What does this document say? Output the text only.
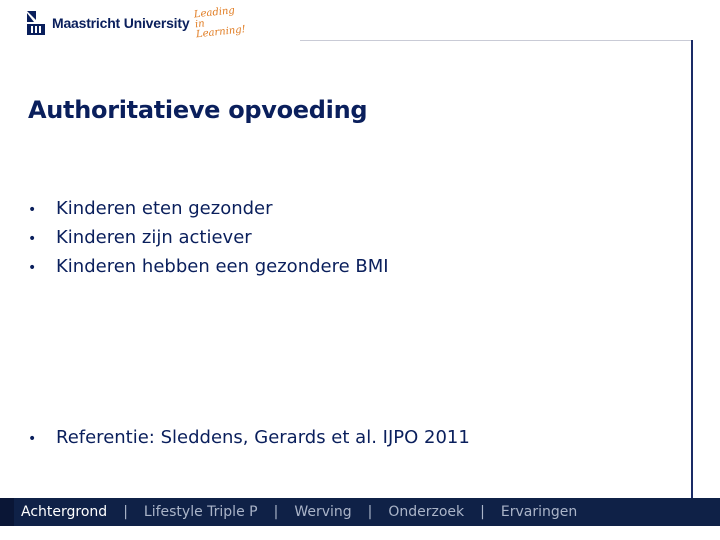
Maastricht University
Leading
in Learning!
Authoritatieve opvoeding
•	Kinderen eten gezonder
•	Kinderen zijn actiever
•	Kinderen hebben een gezondere BMI
•	Referentie: Sleddens, Gerards et al. IJPO 2011
Achtergrond | Lifestyle Triple P | Werving | Onderzoek | Ervaringen
